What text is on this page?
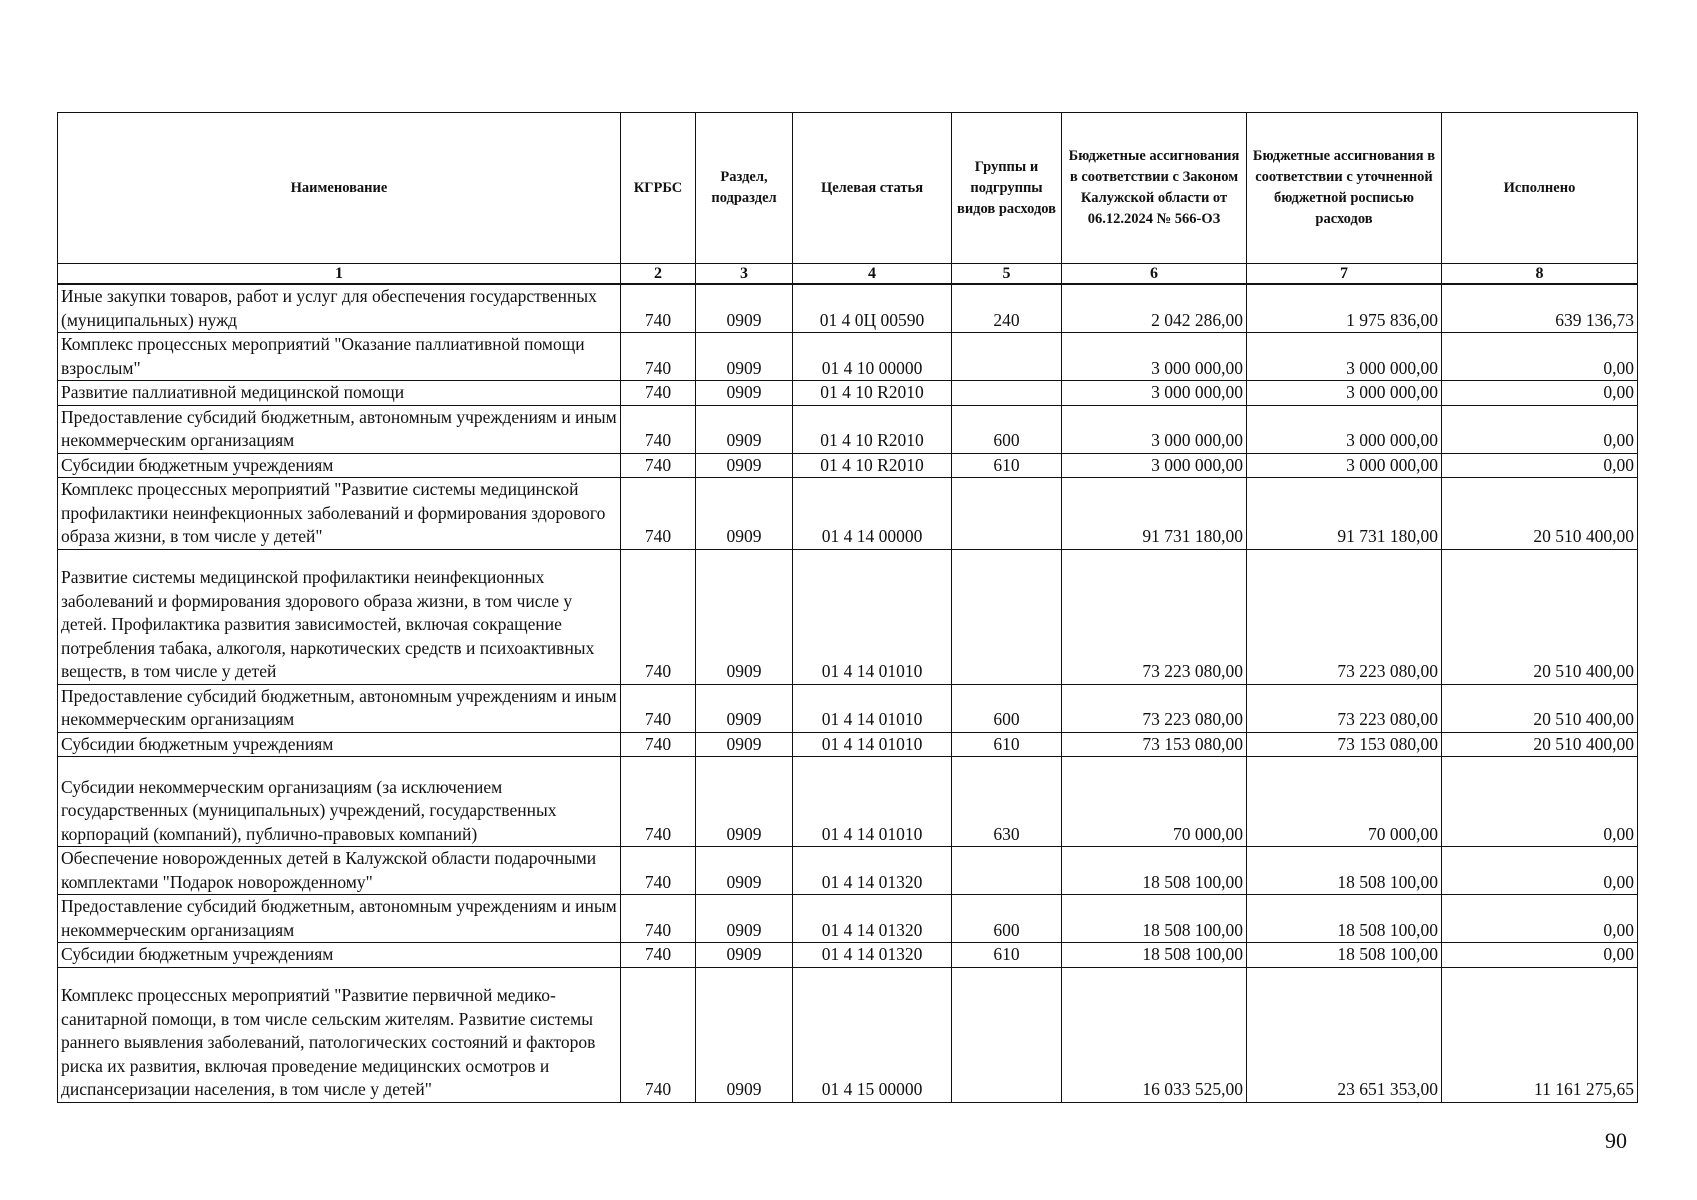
Наименование	КГРБС	Раздел, подраздел	Целевая статья	Группы и подгруппы видов расходов	Бюджетные ассигнования в соответствии с Законом Калужской области от 06.12.2024 № 566-ОЗ	Бюджетные ассигнования в соответствии с уточненной бюджетной росписью расходов	Исполнено
1	2	3	4	5	6	7	8
Иные закупки товаров, работ и услуг для обеспечения государственных (муниципальных) нужд	740	0909	01 4 0Ц 00590	240	2 042 286,00	1 975 836,00	639 136,73
Комплекс процессных мероприятий "Оказание паллиативной помощи взрослым"	740	0909	01 4 10 00000		3 000 000,00	3 000 000,00	0,00
Развитие паллиативной медицинской помощи	740	0909	01 4 10 R2010		3 000 000,00	3 000 000,00	0,00
Предоставление субсидий бюджетным, автономным учреждениям и иным некоммерческим организациям	740	0909	01 4 10 R2010	600	3 000 000,00	3 000 000,00	0,00
Субсидии бюджетным учреждениям	740	0909	01 4 10 R2010	610	3 000 000,00	3 000 000,00	0,00
Комплекс процессных мероприятий "Развитие системы медицинской профилактики неинфекционных заболеваний и формирования здорового образа жизни, в том числе у детей"	740	0909	01 4 14 00000		91 731 180,00	91 731 180,00	20 510 400,00
Развитие системы медицинской профилактики неинфекционных заболеваний и формирования здорового образа жизни, в том числе у детей. Профилактика развития зависимостей, включая сокращение потребления табака, алкоголя, наркотических средств и психоактивных веществ, в том числе у детей	740	0909	01 4 14 01010		73 223 080,00	73 223 080,00	20 510 400,00
Предоставление субсидий бюджетным, автономным учреждениям и иным некоммерческим организациям	740	0909	01 4 14 01010	600	73 223 080,00	73 223 080,00	20 510 400,00
Субсидии бюджетным учреждениям	740	0909	01 4 14 01010	610	73 153 080,00	73 153 080,00	20 510 400,00
Субсидии некоммерческим организациям (за исключением государственных (муниципальных) учреждений, государственных корпораций (компаний), публично-правовых компаний)	740	0909	01 4 14 01010	630	70 000,00	70 000,00	0,00
Обеспечение новорожденных детей в Калужской области подарочными комплектами "Подарок новорожденному"	740	0909	01 4 14 01320		18 508 100,00	18 508 100,00	0,00
Предоставление субсидий бюджетным, автономным учреждениям и иным некоммерческим организациям	740	0909	01 4 14 01320	600	18 508 100,00	18 508 100,00	0,00
Субсидии бюджетным учреждениям	740	0909	01 4 14 01320	610	18 508 100,00	18 508 100,00	0,00
Комплекс процессных мероприятий "Развитие первичной медико-санитарной помощи, в том числе сельским жителям. Развитие системы раннего выявления заболеваний, патологических состояний и факторов риска их развития, включая проведение медицинских осмотров и диспансеризации населения, в том числе у детей"	740	0909	01 4 15 00000		16 033 525,00	23 651 353,00	11 161 275,65
90
